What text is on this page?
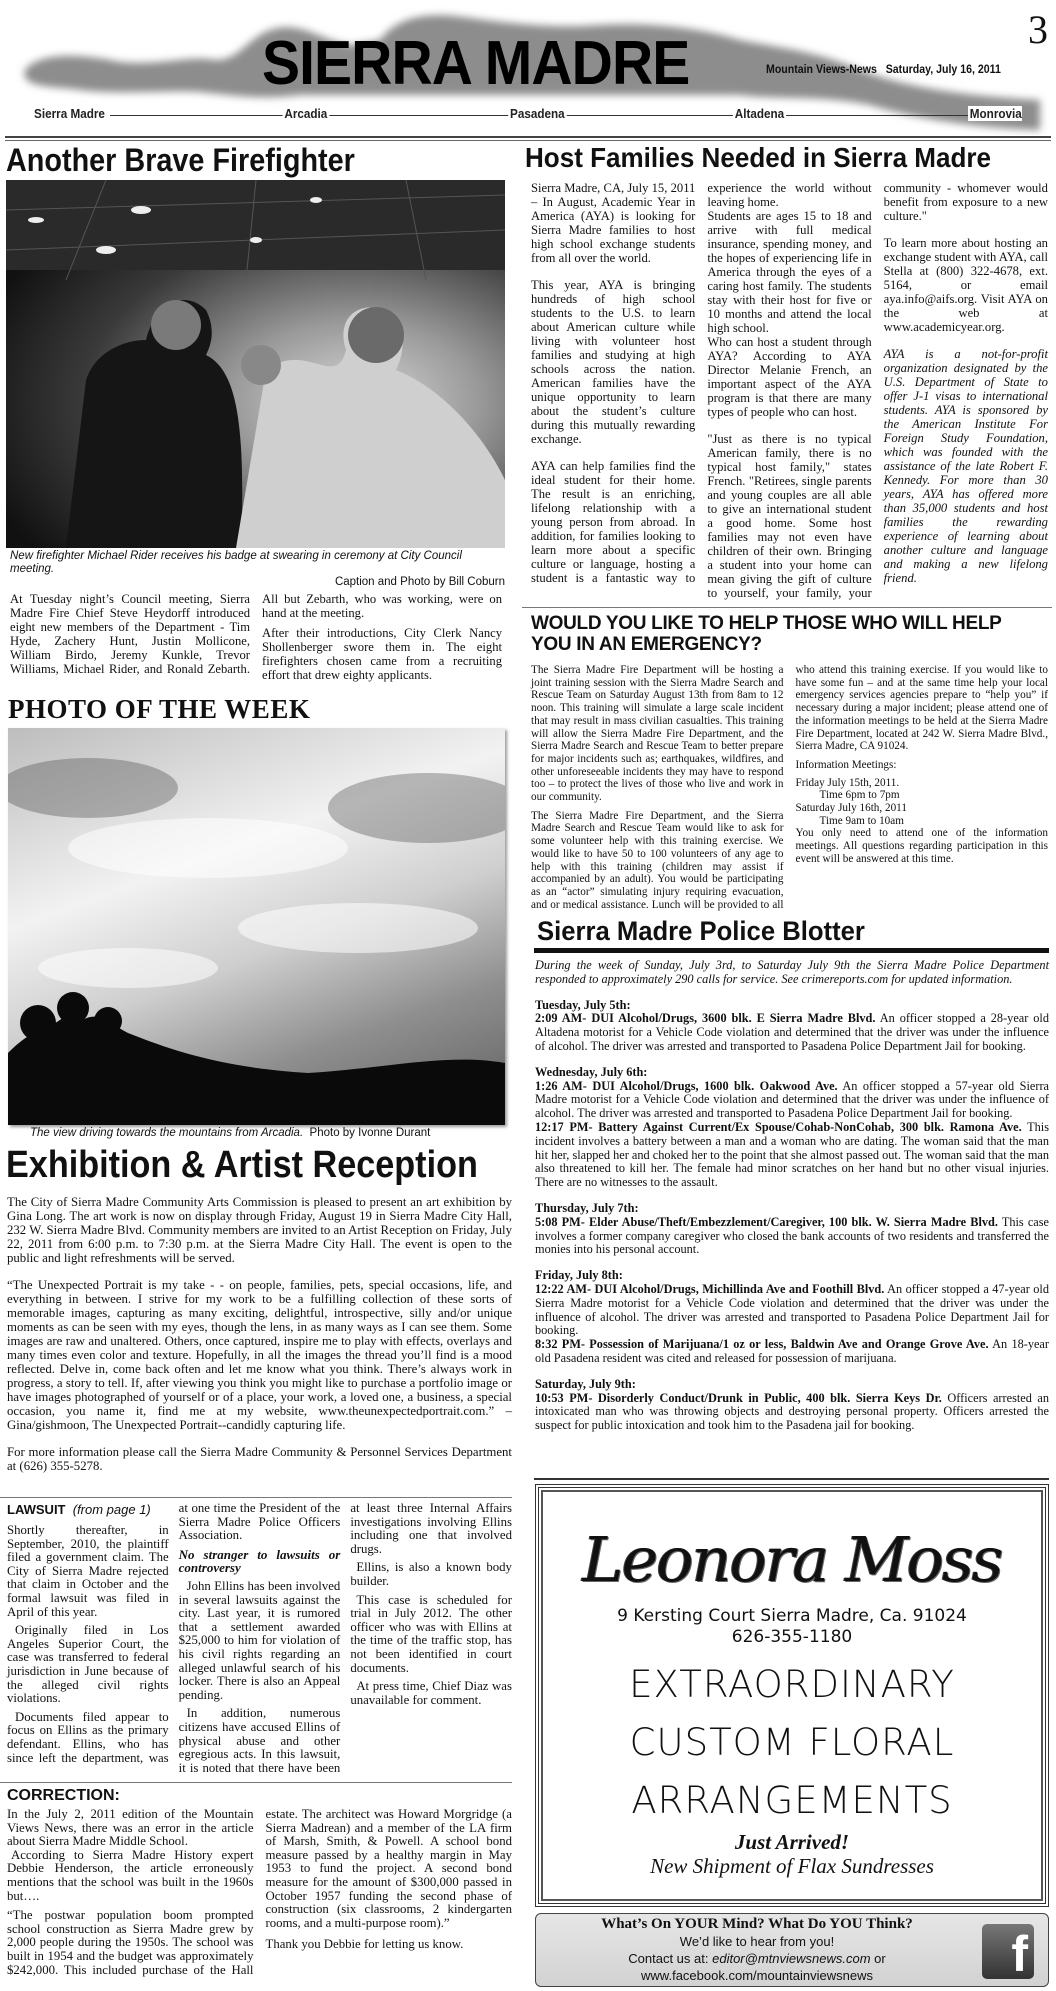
SIERRA MADRE	3
Mountain Views-News Saturday, July 16, 2011
Sierra Madre	Arcadia	Pasadena	Altadena	Monrovia
Another Brave Firefighter
New firefighter Michael Rider receives his badge at swearing in ceremony at City Council meeting.
Caption and Photo by Bill Coburn

At Tuesday night’s Council meeting, Sierra Madre Fire Chief Steve Heydorff introduced eight new members of the Department - Tim Hyde, Zachery Hunt, Justin Mollicone, William Birdo, Jeremy Kunkle, Trevor Williams, Michael Rider, and Ronald Zebarth. All but Zebarth, who was working, were on hand at the meeting.

After their introductions, City Clerk Nancy Shollenberger swore them in. The eight firefighters chosen came from a recruiting effort that drew eighty applicants.

PHOTO OF THE WEEK
The view driving towards the mountains from Arcadia. Photo by Ivonne Durant
Exhibition & Artist Reception

The City of Sierra Madre Community Arts Commission is pleased to present an art exhibition by Gina Long. The art work is now on display through Friday, August 19 in Sierra Madre City Hall, 232 W. Sierra Madre Blvd. Community members are invited to an Artist Reception on Friday, July 22, 2011 from 6:00 p.m. to 7:30 p.m. at the Sierra Madre City Hall. The event is open to the public and light refreshments will be served.

“The Unexpected Portrait is my take - - on people, families, pets, special occasions, life, and everything in between. I strive for my work to be a fulfilling collection of these sorts of memorable images, capturing as many exciting, delightful, introspective, silly and/or unique moments as can be seen with my eyes, though the lens, in as many ways as I can see them. Some images are raw and unaltered. Others, once captured, inspire me to play with effects, overlays and many times even color and texture. Hopefully, in all the images the thread you’ll find is a mood reflected. Delve in, come back often and let me know what you think. There’s always work in progress, a story to tell. If, after viewing you think you might like to purchase a portfolio image or have images photographed of yourself or of a place, your work, a loved one, a business, a special occasion, you name it, find me at my website, www.theunexpectedportrait.com.” – Gina/gishmoon, The Unexpected Portrait--candidly capturing life.

For more information please call the Sierra Madre Community & Personnel Services Department at (626) 355-5278.

LAWSUIT (from page 1)

Shortly thereafter, in September, 2010, the plaintiff filed a government claim. The City of Sierra Madre rejected that claim in October and the formal lawsuit was filed in April of this year.

Originally filed in Los Angeles Superior Court, the case was transferred to federal jurisdiction in June because of the alleged civil rights violations.

Documents filed appear to focus on Ellins as the primary defendant. Ellins, who has since left the department, was at one time the President of the Sierra Madre Police Officers Association.

No stranger to lawsuits or controversy

John Ellins has been involved in several lawsuits against the city. Last year, it is rumored that a settlement awarded $25,000 to him for violation of his civil rights regarding an alleged unlawful search of his locker. There is also an Appeal pending.

In addition, numerous citizens have accused Ellins of physical abuse and other egregious acts. In this lawsuit, it is noted that there have been at least three Internal Affairs investigations involving Ellins including one that involved drugs.

Ellins, is also a known body builder.

This case is scheduled for trial in July 2012. The other officer who was with Ellins at the time of the traffic stop, has not been identified in court documents.

At press time, Chief Diaz was unavailable for comment.

CORRECTION:

In the July 2, 2011 edition of the Mountain Views News, there was an error in the article about Sierra Madre Middle School.

According to Sierra Madre History expert Debbie Henderson, the article erroneously mentions that the school was built in the 1960s but….

“The postwar population boom prompted school construction as Sierra Madre grew by 2,000 people during the 1950s. The school was built in 1954 and the budget was approximately $242,000. This included purchase of the Hall estate. The architect was Howard Morgridge (a Sierra Madrean) and a member of the LA firm of Marsh, Smith, & Powell. A school bond measure passed by a healthy margin in May 1953 to fund the project. A second bond measure for the amount of $300,000 passed in October 1957 funding the second phase of construction (six classrooms, 2 kindergarten rooms, and a multi-purpose room).”

Thank you Debbie for letting us know.

Host Families Needed in Sierra Madre

Sierra Madre, CA, July 15, 2011 – In August, Academic Year in America (AYA) is looking for Sierra Madre families to host high school exchange students from all over the world.

This year, AYA is bringing hundreds of high school students to the U.S. to learn about American culture while living with volunteer host families and studying at high schools across the nation. American families have the unique opportunity to learn about the student’s culture during this mutually rewarding exchange.

AYA can help families find the ideal student for their home. The result is an enriching, lifelong relationship with a young person from abroad. In addition, for families looking to learn more about a specific culture or language, hosting a student is a fantastic way to experience the world without leaving home.

Students are ages 15 to 18 and arrive with full medical insurance, spending money, and the hopes of experiencing life in America through the eyes of a caring host family. The students stay with their host for five or 10 months and attend the local high school.

Who can host a student through AYA? According to AYA Director Melanie French, an important aspect of the AYA program is that there are many types of people who can host.

"Just as there is no typical American family, there is no typical host family," states French. "Retirees, single parents and young couples are all able to give an international student a good home. Some host families may not even have children of their own. Bringing a student into your home can mean giving the gift of culture to yourself, your family, your community - whomever would benefit from exposure to a new culture."

To learn more about hosting an exchange student with AYA, call Stella at (800) 322-4678, ext. 5164, or email aya.info@aifs.org. Visit AYA on the web at www.academicyear.org.

AYA is a not-for-profit organization designated by the U.S. Department of State to offer J-1 visas to international students. AYA is sponsored by the American Institute For Foreign Study Foundation, which was founded with the assistance of the late Robert F. Kennedy. For more than 30 years, AYA has offered more than 35,000 students and host families the rewarding experience of learning about another culture and language and making a new lifelong friend.

WOULD YOU LIKE TO HELP THOSE WHO WILL HELP YOU IN AN EMERGENCY?

The Sierra Madre Fire Department will be hosting a joint training session with the Sierra Madre Search and Rescue Team on Saturday August 13th from 8am to 12 noon. This training will simulate a large scale incident that may result in mass civilian casualties. This training will allow the Sierra Madre Fire Department, and the Sierra Madre Search and Rescue Team to better prepare for major incidents such as; earthquakes, wildfires, and other unforeseeable incidents they may have to respond too – to protect the lives of those who live and work in our community.

The Sierra Madre Fire Department, and the Sierra Madre Search and Rescue Team would like to ask for some volunteer help with this training exercise. We would like to have 50 to 100 volunteers of any age to help with this training (children may assist if accompanied by an adult). You would be participating as an “actor” simulating injury requiring evacuation, and or medical assistance. Lunch will be provided to all who attend this training exercise. If you would like to have some fun – and at the same time help your local emergency services agencies prepare to “help you” if necessary during a major incident; please attend one of the information meetings to be held at the Sierra Madre Fire Department, located at 242 W. Sierra Madre Blvd., Sierra Madre, CA 91024.

Information Meetings:

Friday July 15th, 2011.

Time 6pm to 7pm

Saturday July 16th, 2011

Time 9am to 10am

You only need to attend one of the information meetings. All questions regarding participation in this event will be answered at this time.

Sierra Madre Police Blotter

During the week of Sunday, July 3rd, to Saturday July 9th the Sierra Madre Police Department responded to approximately 290 calls for service. See crimereports.com for updated information.

Tuesday, July 5th:

2:09 AM- DUI Alcohol/Drugs, 3600 blk. E Sierra Madre Blvd. An officer stopped a 28-year old Altadena motorist for a Vehicle Code violation and determined that the driver was under the influence of alcohol. The driver was arrested and transported to Pasadena Police Department Jail for booking.

Wednesday, July 6th:

1:26 AM- DUI Alcohol/Drugs, 1600 blk. Oakwood Ave. An officer stopped a 57-year old Sierra Madre motorist for a Vehicle Code violation and determined that the driver was under the influence of alcohol. The driver was arrested and transported to Pasadena Police Department Jail for booking.

12:17 PM- Battery Against Current/Ex Spouse/Cohab-NonCohab, 300 blk. Ramona Ave. This incident involves a battery between a man and a woman who are dating. The woman said that the man hit her, slapped her and choked her to the point that she almost passed out. The woman said that the man also threatened to kill her. The female had minor scratches on her hand but no other visual injuries. There are no witnesses to the assault.

Thursday, July 7th:

5:08 PM- Elder Abuse/Theft/Embezzlement/Caregiver, 100 blk. W. Sierra Madre Blvd. This case involves a former company caregiver who closed the bank accounts of two residents and transferred the monies into his personal account.

Friday, July 8th:

12:22 AM- DUI Alcohol/Drugs, Michillinda Ave and Foothill Blvd. An officer stopped a 47-year old Sierra Madre motorist for a Vehicle Code violation and determined that the driver was under the influence of alcohol. The driver was arrested and transported to Pasadena Police Department Jail for booking.

8:32 PM- Possession of Marijuana/1 oz or less, Baldwin Ave and Orange Grove Ave. An 18-year old Pasadena resident was cited and released for possession of marijuana.

Saturday, July 9th:

10:53 PM- Disorderly Conduct/Drunk in Public, 400 blk. Sierra Keys Dr. Officers arrested an intoxicated man who was throwing objects and destroying personal property. Officers arrested the suspect for public intoxication and took him to the Pasadena jail for booking.

Leonora Moss
9 Kersting Court Sierra Madre, Ca. 91024
626-355-1180
EXTRAORDINARY
CUSTOM FLORAL
ARRANGEMENTS
Just Arrived!
New Shipment of Flax Sundresses
What’s On YOUR Mind? What Do YOU Think?
We’d like to hear from you!
Contact us at: editor@mtnviewsnews.com or
www.facebook.com/mountainviewsnews	f
